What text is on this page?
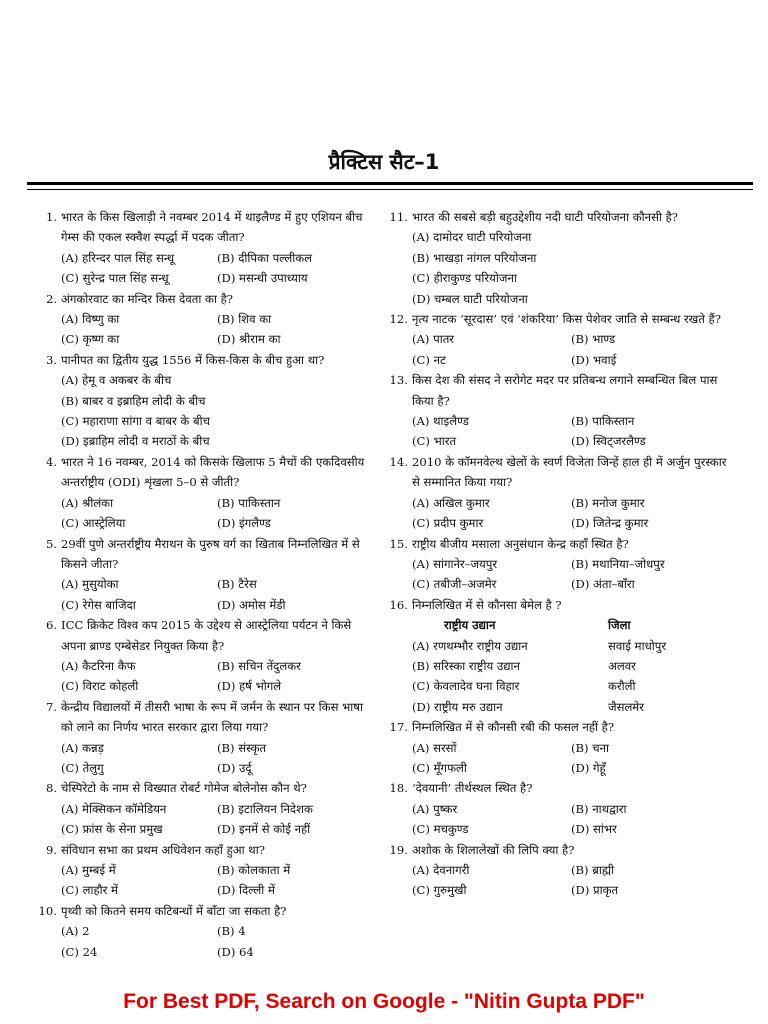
प्रैक्टिस सैट–1
1. भारत के किस खिलाड़ी ने नवम्बर 2014 में थाइलैण्ड में हुए एशियन बीच गेम्स की एकल स्क्वैश स्पर्द्धा में पदक जीता?
(A) हरिन्दर पाल सिंह सन्धू	(B) दीपिका पल्लीकल
(C) सुरेन्द्र पाल सिंह सन्धू	(D) मसन्धी उपाध्याय
2. अंगकोरवाट का मन्दिर किस देवता का है?
(A) विष्णु का	(B) शिव का
(C) कृष्ण का	(D) श्रीराम का
3. पानीपत का द्वितीय युद्ध 1556 में किस-किस के बीच हुआ था?
(A) हेमू व अकबर के बीच
(B) बाबर व इब्राहिम लोदी के बीच
(C) महाराणा सांगा व बाबर के बीच
(D) इब्राहिम लोदी व मराठों के बीच
4. भारत ने 16 नवम्बर, 2014 को किसके खिलाफ 5 मैचों की एकदिवसीय अन्तर्राष्ट्रीय (ODI) शृंखला 5–0 से जीती?
(A) श्रीलंका	(B) पाकिस्तान
(C) आस्ट्रेलिया	(D) इंगलैण्ड
5. 29वीं पुणे अन्तर्राष्ट्रीय मैराथन के पुरुष वर्ग का खिताब निम्नलिखित में से किसने जीता?
(A) मुसुयोका	(B) टैरेस
(C) रेगेस बाजिदा	(D) अमोस मेंडी
6. ICC क्रिकेट विश्व कप 2015 के उद्देश्य से आस्ट्रेलिया पर्यटन ने किसे अपना ब्राण्ड एम्बेसेडर नियुक्त किया है?
(A) कैटरिना कैफ	(B) सचिन तेंदुलकर
(C) विराट कोहली	(D) हर्ष भोगले
7. केन्द्रीय विद्यालयों में तीसरी भाषा के रूप में जर्मन के स्थान पर किस भाषा को लाने का निर्णय भारत सरकार द्वारा लिया गया?
(A) कन्नड़	(B) संस्कृत
(C) तेलुगु	(D) उर्दू
8. चेस्पिरेटो के नाम से विख्यात रोबर्ट गोमेज बोलेनोस कौन थे?
(A) मेक्सिकन कॉमेडियन	(B) इटालियन निदेशक
(C) फ्रांस के सेना प्रमुख	(D) इनमें से कोई नहीं
9. संविधान सभा का प्रथम अधिवेशन कहाँ हुआ था?
(A) मुम्बई में	(B) कोलकाता में
(C) लाहौर में	(D) दिल्ली में
10. पृथ्वी को कितने समय कटिबन्धों में बाँटा जा सकता है?
(A) 2	(B) 4
(C) 24	(D) 64
11. भारत की सबसे बड़ी बहुउद्देशीय नदी घाटी परियोजना कौनसी है?
(A) दामोदर घाटी परियोजना
(B) भाखड़ा नांगल परियोजना
(C) हीराकुण्ड परियोजना
(D) चम्बल घाटी परियोजना
12. नृत्य नाटक ‘सूरदास’ एवं ‘शंकरिया’ किस पेशेवर जाति से सम्बन्ध रखते हैं?
(A) पातर	(B) भाण्ड
(C) नट	(D) भवाई
13. किस देश की संसद ने सरोगेट मदर पर प्रतिबन्ध लगाने सम्बन्धित बिल पास किया है?
(A) थाइलैण्ड	(B) पाकिस्तान
(C) भारत	(D) स्विट्जरलैण्ड
14. 2010 के कॉमनवेल्थ खेलों के स्वर्ण विजेता जिन्हें हाल ही में अर्जुन पुरस्कार से सम्मानित किया गया?
(A) अखिल कुमार	(B) मनोज कुमार
(C) प्रदीप कुमार	(D) जितेन्द्र कुमार
15. राष्ट्रीय बीजीय मसाला अनुसंधान केन्द्र कहाँ स्थित है?
(A) सांगानेर–जयपुर	(B) मथानिया–जोधपुर
(C) तबीजी–अजमेर	(D) अंता–बाँरा
16. निम्नलिखित में से कौनसा बेमेल है ?
राष्ट्रीय उद्यान	जिला
(A) रणथम्भौर राष्ट्रीय उद्यान	सवाई माधोपुर
(B) सरिस्का राष्ट्रीय उद्यान	अलवर
(C) केवलादेव घना विहार	करौली
(D) राष्ट्रीय मरु उद्यान	जैसलमेर
17. निम्नलिखित में से कौनसी रबी की फसल नहीं है?
(A) सरसों	(B) चना
(C) मूँगफली	(D) गेहूँ
18. ‘देवयानी’ तीर्थस्थल स्थित है?
(A) पुष्कर	(B) नाथद्वारा
(C) मचकुण्ड	(D) सांभर
19. अशोक के शिलालेखों की लिपि क्या है?
(A) देवनागरी	(B) ब्राह्मी
(C) गुरुमुखी	(D) प्राकृत
For Best PDF, Search on Google - "Nitin Gupta PDF"
